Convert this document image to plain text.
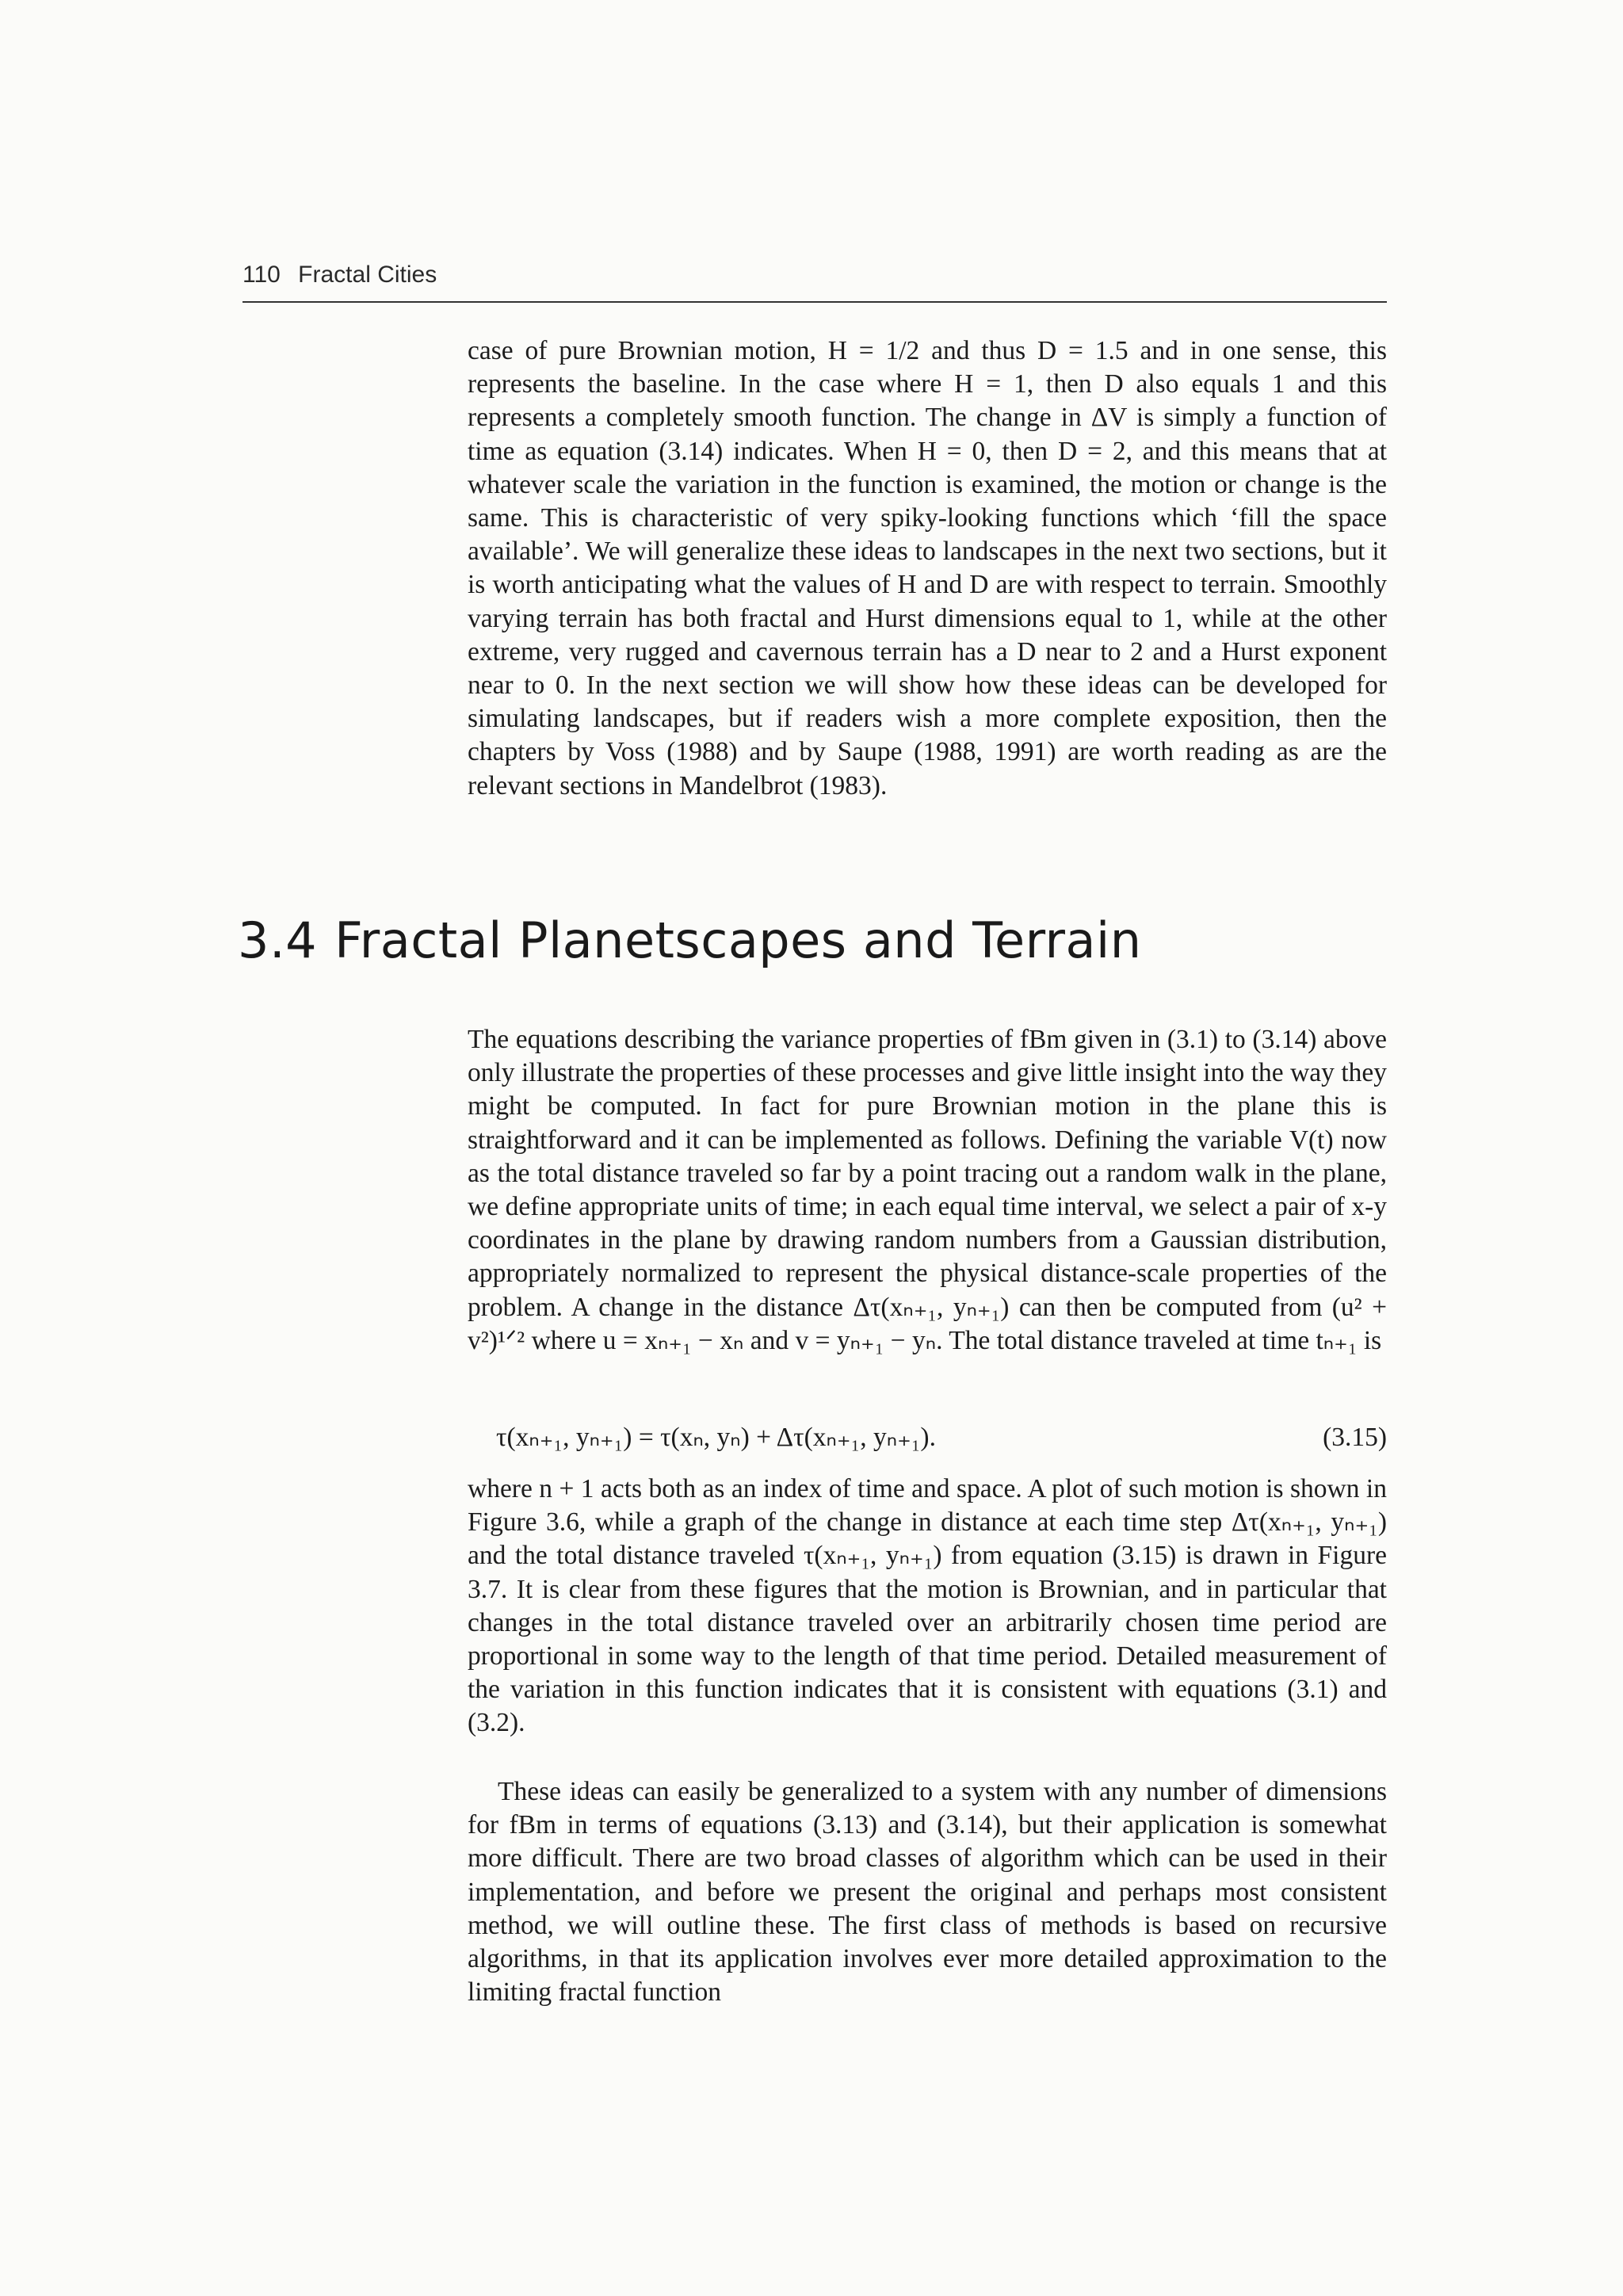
110 Fractal Cities

case of pure Brownian motion, H = 1/2 and thus D = 1.5 and in one sense, this represents the baseline. In the case where H = 1, then D also equals 1 and this represents a completely smooth function. The change in ΔV is simply a function of time as equation (3.14) indicates. When H = 0, then D = 2, and this means that at whatever scale the variation in the function is examined, the motion or change is the same. This is characteristic of very spiky-looking functions which ‘fill the space available’. We will generalize these ideas to landscapes in the next two sections, but it is worth anticipating what the values of H and D are with respect to terrain. Smoothly varying terrain has both fractal and Hurst dimensions equal to 1, while at the other extreme, very rugged and cavernous terrain has a D near to 2 and a Hurst exponent near to 0. In the next section we will show how these ideas can be developed for simulating landscapes, but if readers wish a more complete exposition, then the chapters by Voss (1988) and by Saupe (1988, 1991) are worth reading as are the relevant sections in Mandelbrot (1983).

3.4 Fractal Planetscapes and Terrain

The equations describing the variance properties of fBm given in (3.1) to (3.14) above only illustrate the properties of these processes and give little insight into the way they might be computed. In fact for pure Brownian motion in the plane this is straightforward and it can be implemented as follows. Defining the variable V(t) now as the total distance traveled so far by a point tracing out a random walk in the plane, we define appropriate units of time; in each equal time interval, we select a pair of x-y coordinates in the plane by drawing random numbers from a Gaussian distribution, appropriately normalized to represent the physical distance-scale properties of the problem. A change in the distance Δτ(xₙ₊₁, yₙ₊₁) can then be computed from (u² + v²)¹ᐟ² where u = xₙ₊₁ − xₙ and v = yₙ₊₁ − yₙ. The total distance traveled at time tₙ₊₁ is

τ(xₙ₊₁, yₙ₊₁) = τ(xₙ, yₙ) + Δτ(xₙ₊₁, yₙ₊₁).	(3.15)

where n + 1 acts both as an index of time and space. A plot of such motion is shown in Figure 3.6, while a graph of the change in distance at each time step Δτ(xₙ₊₁, yₙ₊₁) and the total distance traveled τ(xₙ₊₁, yₙ₊₁) from equation (3.15) is drawn in Figure 3.7. It is clear from these figures that the motion is Brownian, and in particular that changes in the total distance traveled over an arbitrarily chosen time period are proportional in some way to the length of that time period. Detailed measurement of the variation in this function indicates that it is consistent with equations (3.1) and (3.2).

These ideas can easily be generalized to a system with any number of dimensions for fBm in terms of equations (3.13) and (3.14), but their application is somewhat more difficult. There are two broad classes of algorithm which can be used in their implementation, and before we present the original and perhaps most consistent method, we will outline these. The first class of methods is based on recursive algorithms, in that its application involves ever more detailed approximation to the limiting fractal function
